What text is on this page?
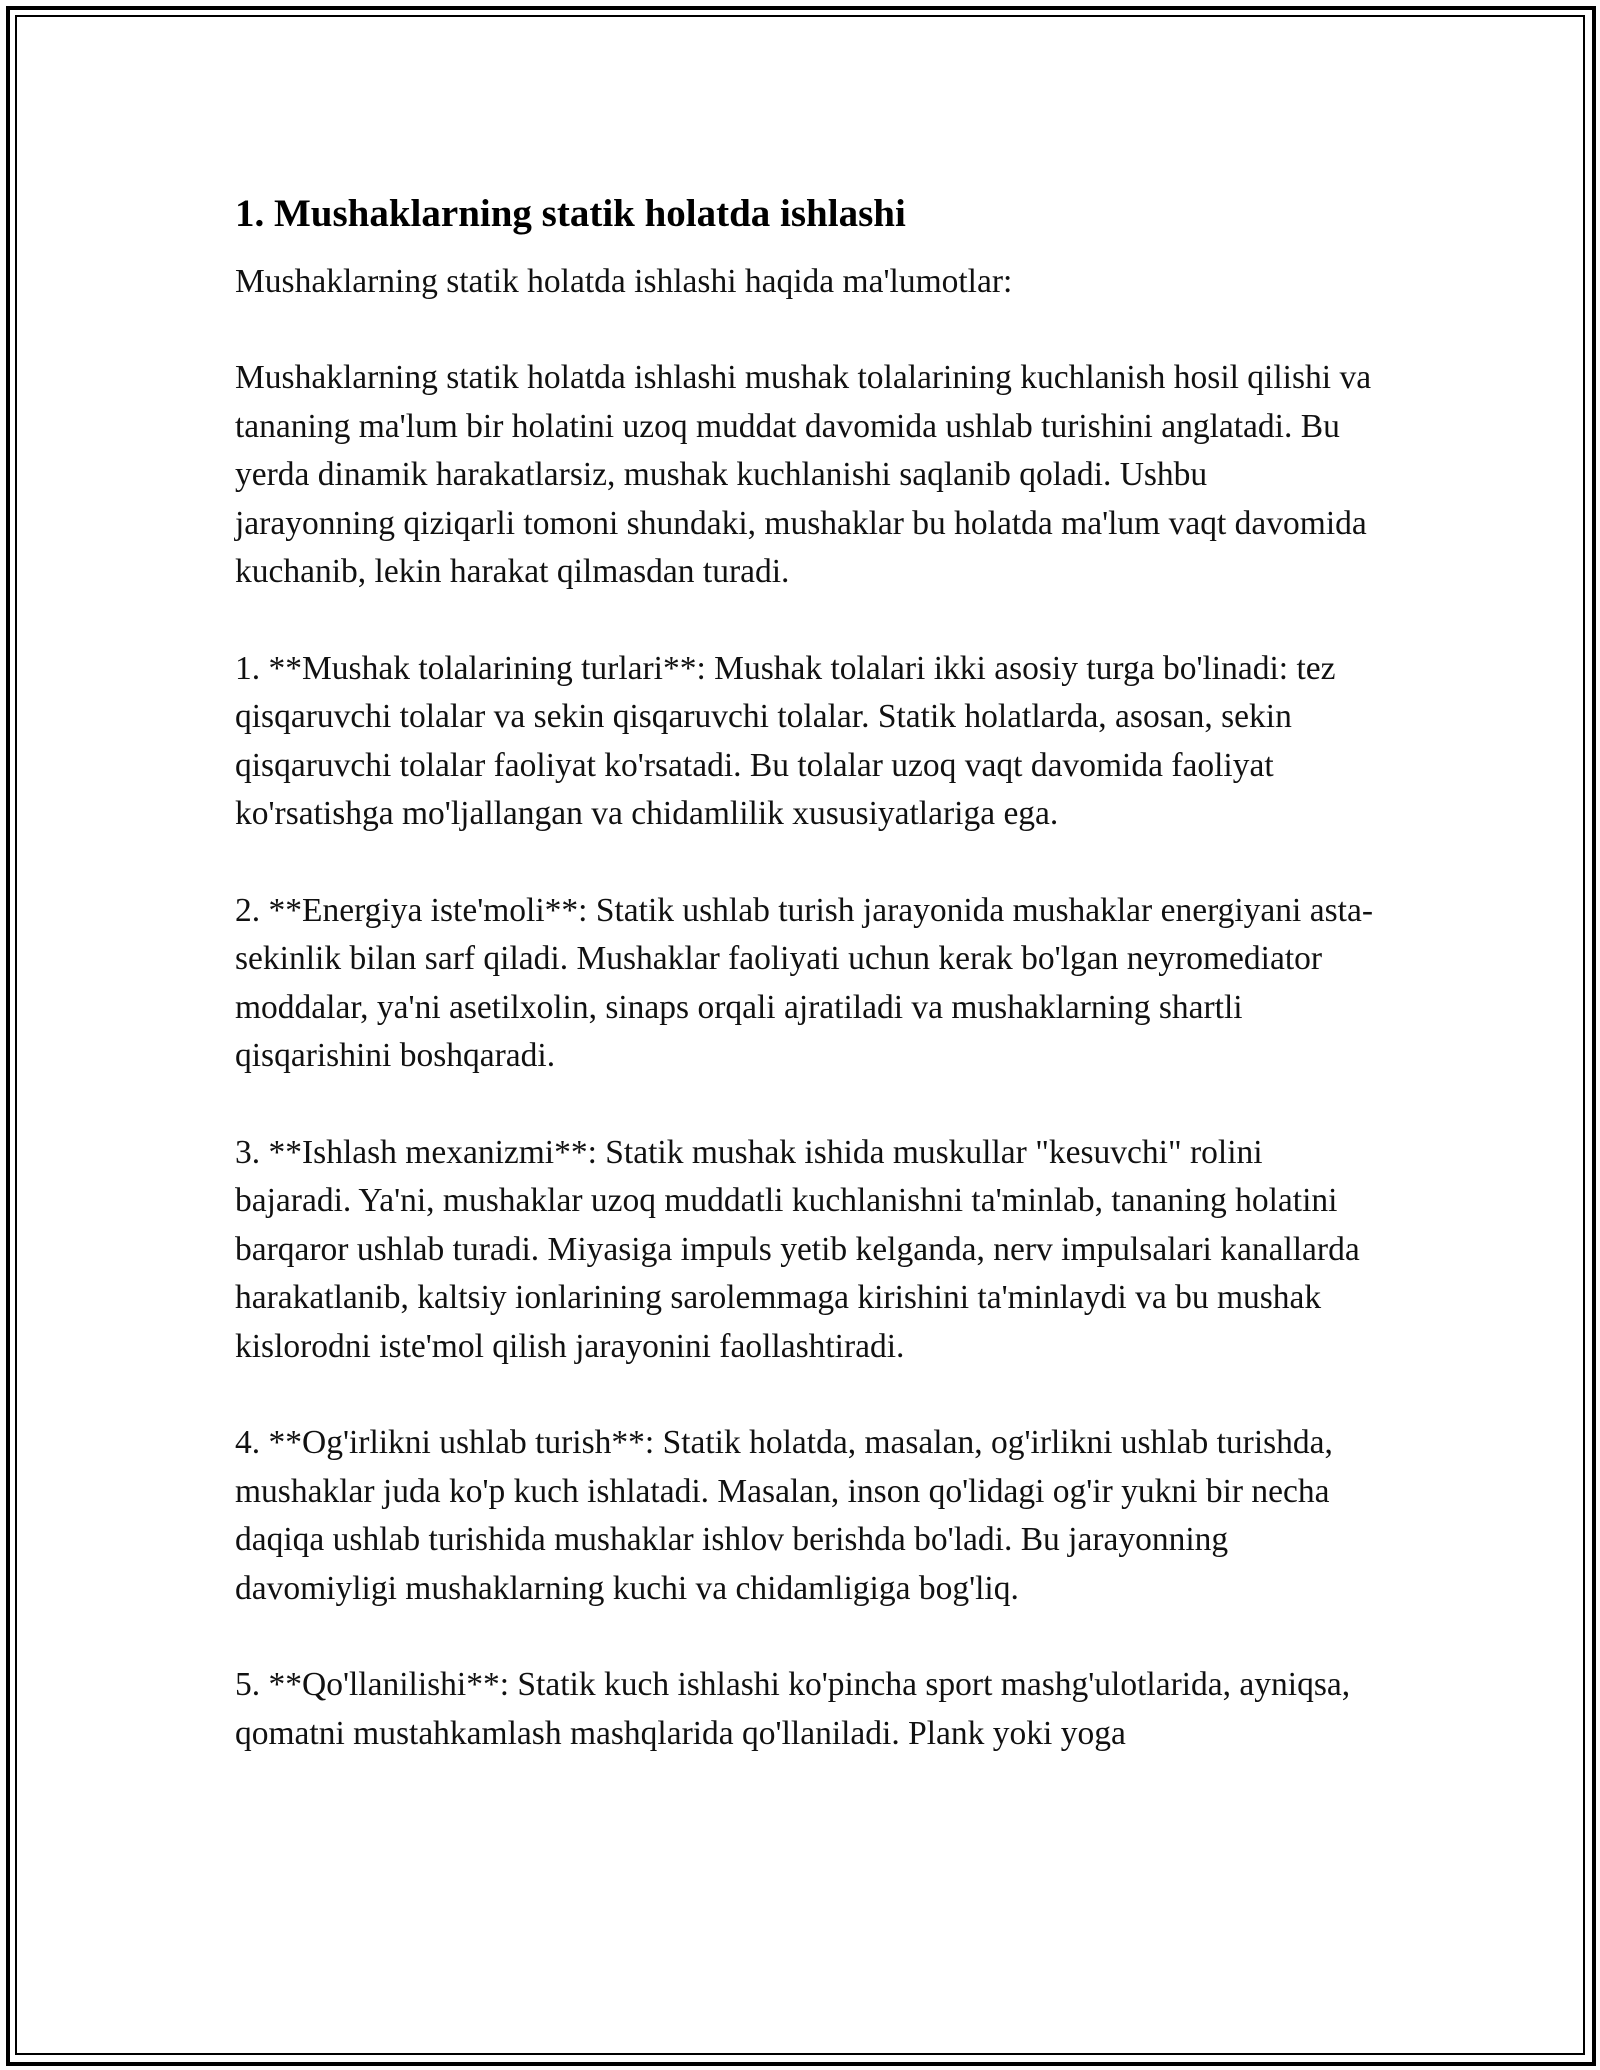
1. Mushaklarning statik holatda ishlashi

Mushaklarning statik holatda ishlashi haqida ma'lumotlar:

Mushaklarning statik holatda ishlashi mushak tolalarining kuchlanish hosil qilishi va tananing ma'lum bir holatini uzoq muddat davomida ushlab turishini anglatadi. Bu yerda dinamik harakatlarsiz, mushak kuchlanishi saqlanib qoladi. Ushbu jarayonning qiziqarli tomoni shundaki, mushaklar bu holatda ma'lum vaqt davomida kuchanib, lekin harakat qilmasdan turadi.

1. **Mushak tolalarining turlari**: Mushak tolalari ikki asosiy turga bo'linadi: tez qisqaruvchi tolalar va sekin qisqaruvchi tolalar. Statik holatlarda, asosan, sekin qisqaruvchi tolalar faoliyat ko'rsatadi. Bu tolalar uzoq vaqt davomida faoliyat ko'rsatishga mo'ljallangan va chidamlilik xususiyatlariga ega.

2. **Energiya iste'moli**: Statik ushlab turish jarayonida mushaklar energiyani asta-sekinlik bilan sarf qiladi. Mushaklar faoliyati uchun kerak bo'lgan neyromediator moddalar, ya'ni asetilxolin, sinaps orqali ajratiladi va mushaklarning shartli qisqarishini boshqaradi.

3. **Ishlash mexanizmi**: Statik mushak ishida muskullar "kesuvchi" rolini bajaradi. Ya'ni, mushaklar uzoq muddatli kuchlanishni ta'minlab, tananing holatini barqaror ushlab turadi. Miyasiga impuls yetib kelganda, nerv impulsalari kanallarda harakatlanib, kaltsiy ionlarining sarolemmaga kirishini ta'minlaydi va bu mushak kislorodni iste'mol qilish jarayonini faollashtiradi.

4. **Og'irlikni ushlab turish**: Statik holatda, masalan, og'irlikni ushlab turishda, mushaklar juda ko'p kuch ishlatadi. Masalan, inson qo'lidagi og'ir yukni bir necha daqiqa ushlab turishida mushaklar ishlov berishda bo'ladi. Bu jarayonning davomiyligi mushaklarning kuchi va chidamligiga bog'liq.

5. **Qo'llanilishi**: Statik kuch ishlashi ko'pincha sport mashg'ulotlarida, ayniqsa, qomatni mustahkamlash mashqlarida qo'llaniladi. Plank yoki yoga
